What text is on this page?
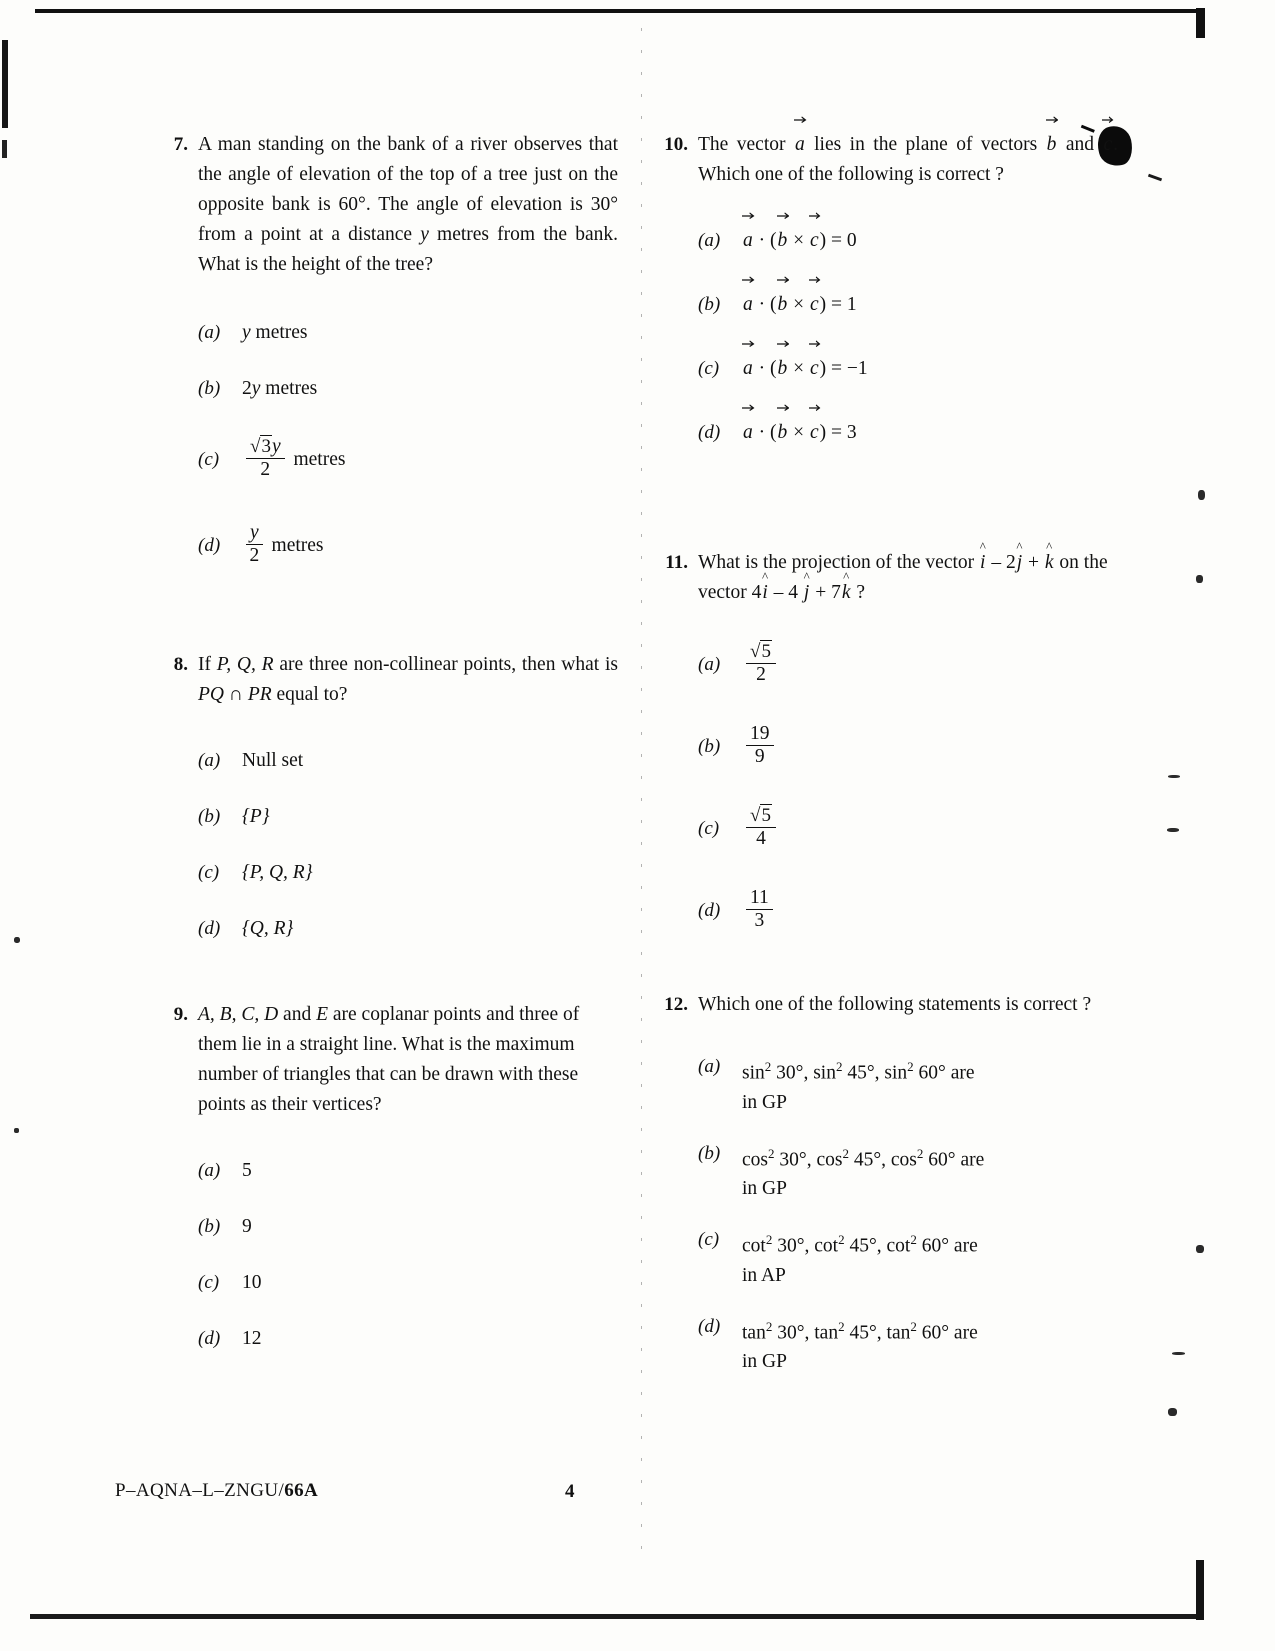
7. A man standing on the bank of a river observes that the angle of elevation of the top of a tree just on the opposite bank is 60°. The angle of elevation is 30° from a point at a distance y metres from the bank. What is the height of the tree?
(a)	y metres
(b)	2y metres
(c)	$\frac{√3y}{2}$ metres
(d)	$\frac{y}{2}$ metres
8. If P, Q, R are three non-collinear points, then what is PQ ∩ PR equal to?
(a)	Null set
(b)	{P}
(c)	{P, Q, R}
(d)	{Q, R}
9. A, B, C, D and E are coplanar points and three of them lie in a straight line. What is the maximum number of triangles that can be drawn with these points as their vertices?
(a)	5
(b)	9
(c)	10
(d)	12
10. The vector
a lies in the plane of vectors
b and
c. Which one of the following is correct ?
(a)	a · (
b × c) = 0
(b)	a · (
b × c) = 1
(c)	a · (
b × c) = −1
(d)	a · (
b × c) = 3
11. What is the projection of the vector
^
i – 2
^
j +
^
k on the vector 4
^
i – 4
^
j + 7
^
k ?
(a)	$\frac{√5}{2}$
(b)	$\frac{19}{9}$
(c)	$\frac{√5}{4}$
(d)	$\frac{11}{3}$
12. Which one of the following statements is correct ?
(a)	$\sin^2 30^\circ$, $\sin^2 45^\circ$, $\sin^2 60^\circ$ are
in GP
(b)	$\cos^2 30^\circ$, $\cos^2 45^\circ$, $\cos^2 60^\circ$ are
in GP
(c)	$\cot^2 30^\circ$, $\cot^2 45^\circ$, $\cot^2 60^\circ$ are
in AP
(d)	$\tan^2 30^\circ$, $\tan^2 45^\circ$, $\tan^2 60^\circ$ are
in GP
P–AQNA–L–ZNGU/66A	4
